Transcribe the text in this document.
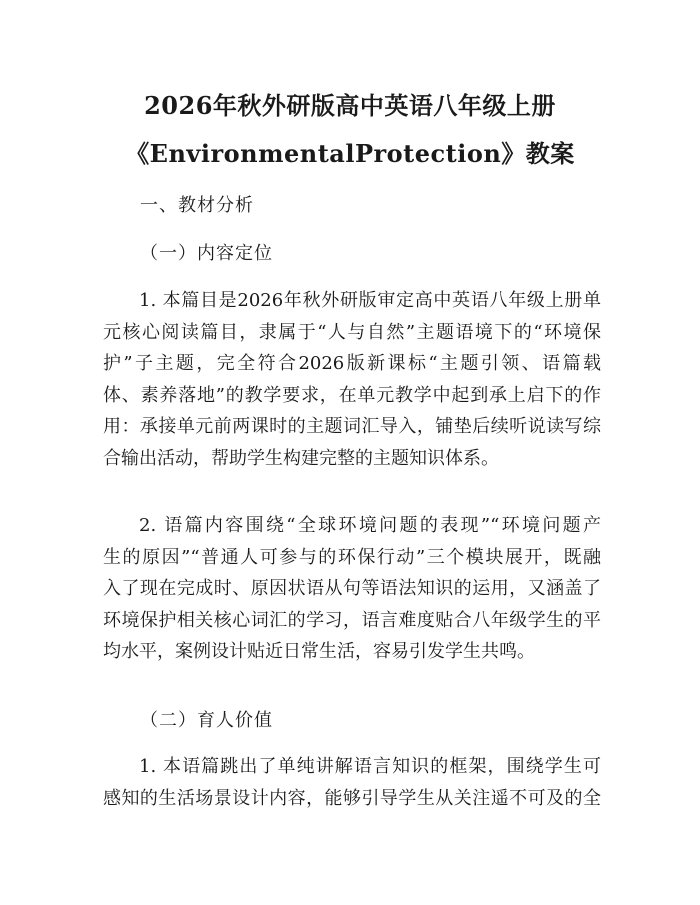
2026年秋外研版高中英语八年级上册
《EnvironmentalProtection》教案
一、教材分析
（一）内容定位
1. 本篇目是2026年秋外研版审定高中英语八年级上册单
元核心阅读篇目，隶属于“人与自然”主题语境下的“环境保
护”子主题，完全符合2026版新课标“主题引领、语篇载
体、素养落地”的教学要求，在单元教学中起到承上启下的作
用：承接单元前两课时的主题词汇导入，铺垫后续听说读写综
合输出活动，帮助学生构建完整的主题知识体系。
2. 语篇内容围绕“全球环境问题的表现”“环境问题产
生的原因”“普通人可参与的环保行动”三个模块展开，既融
入了现在完成时、原因状语从句等语法知识的运用，又涵盖了
环境保护相关核心词汇的学习，语言难度贴合八年级学生的平
均水平，案例设计贴近日常生活，容易引发学生共鸣。
（二）育人价值
1. 本语篇跳出了单纯讲解语言知识的框架，围绕学生可
感知的生活场景设计内容，能够引导学生从关注遥不可及的全
